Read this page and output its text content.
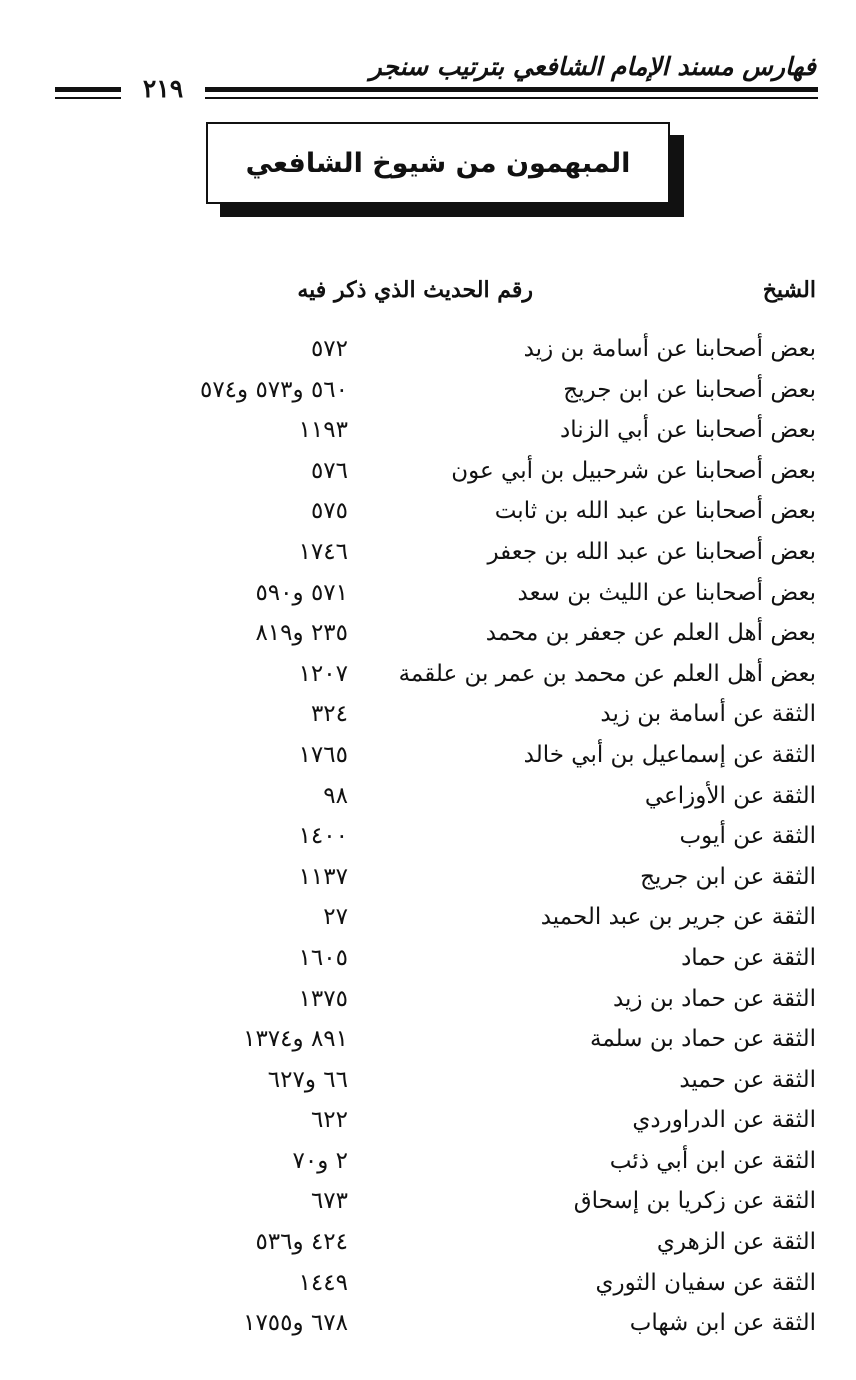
فهارس مسند الإمام الشافعي بترتيب سنجر
٢١٩
المبهمون من شيوخ الشافعي
الشيخ
رقم الحديث الذي ذكر فيه
بعض أصحابنا عن أسامة بن زيد
٥٧٢
بعض أصحابنا عن ابن جريج
٥٦٠ و٥٧٣ و٥٧٤
بعض أصحابنا عن أبي الزناد
١١٩٣
بعض أصحابنا عن شرحبيل بن أبي عون
٥٧٦
بعض أصحابنا عن عبد الله بن ثابت
٥٧٥
بعض أصحابنا عن عبد الله بن جعفر
١٧٤٦
بعض أصحابنا عن الليث بن سعد
٥٧١ و٥٩٠
بعض أهل العلم عن جعفر بن محمد
٢٣٥ و٨١٩
بعض أهل العلم عن محمد بن عمر بن علقمة
١٢٠٧
الثقة عن أسامة بن زيد
٣٢٤
الثقة عن إسماعيل بن أبي خالد
١٧٦٥
الثقة عن الأوزاعي
٩٨
الثقة عن أيوب
١٤٠٠
الثقة عن ابن جريج
١١٣٧
الثقة عن جرير بن عبد الحميد
٢٧
الثقة عن حماد
١٦٠٥
الثقة عن حماد بن زيد
١٣٧٥
الثقة عن حماد بن سلمة
٨٩١ و١٣٧٤
الثقة عن حميد
٦٦ و٦٢٧
الثقة عن الدراوردي
٦٢٢
الثقة عن ابن أبي ذئب
٢ و٧٠
الثقة عن زكريا بن إسحاق
٦٧٣
الثقة عن الزهري
٤٢٤ و٥٣٦
الثقة عن سفيان الثوري
١٤٤٩
الثقة عن ابن شهاب
٦٧٨ و١٧٥٥
